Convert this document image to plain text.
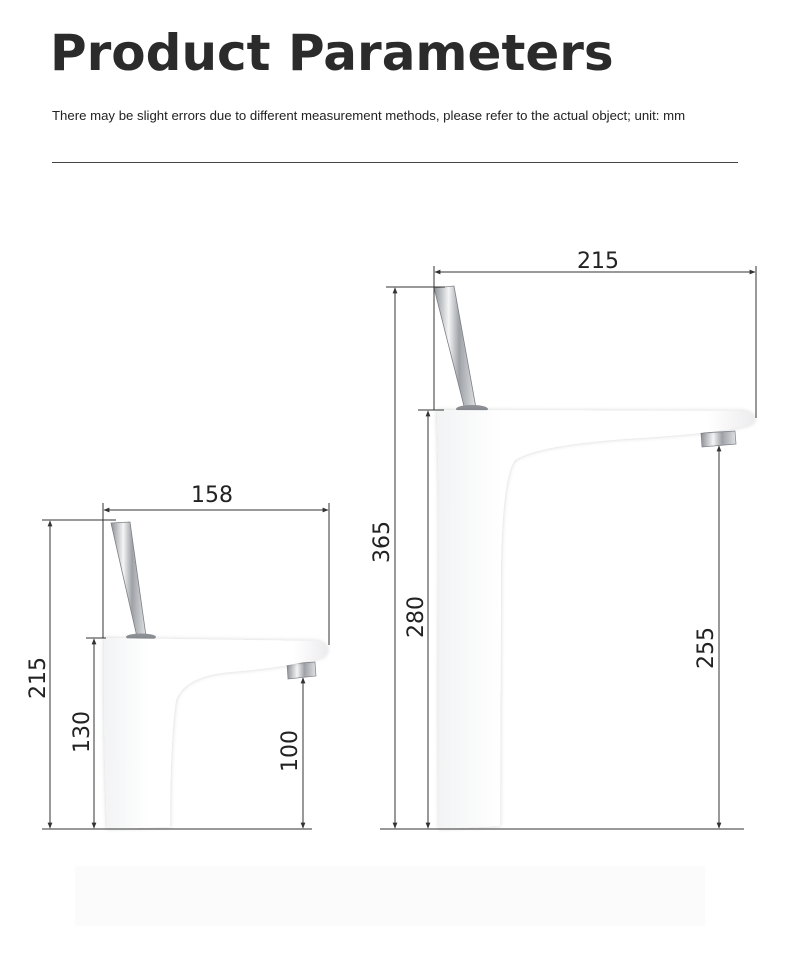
Product Parameters

There may be slight errors due to different measurement methods, please refer to the actual object; unit: mm

158
215
130	100
215
365
280
255
